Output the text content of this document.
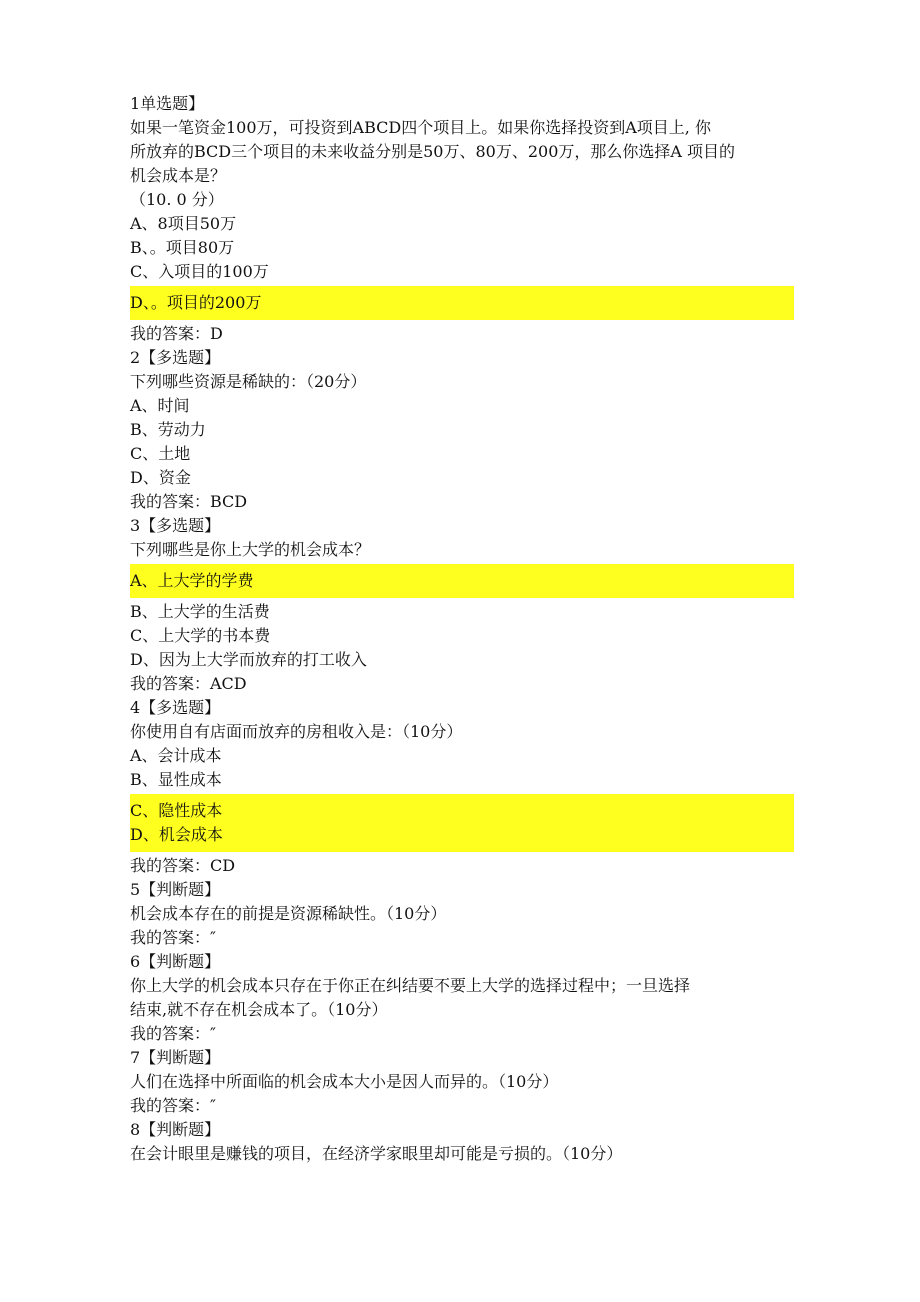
1单选题】
如果一笔资金100万，可投资到ABCD四个项目上。如果你选择投资到A项目上, 你
所放弃的BCD三个项目的未来收益分别是50万、80万、200万，那么你选择A 项目的
机会成本是？
（10. 0 分）
A、8项目50万
B、。项目80万
C、入项目的100万
D、。项目的200万
我的答案：D
2【多选题】
下列哪些资源是稀缺的：（20分）
A、时间
B、劳动力
C、土地
D、资金
我的答案：BCD
3【多选题】
下列哪些是你上大学的机会成本？
A、上大学的学费
B、上大学的生活费
C、上大学的书本费
D、因为上大学而放弃的打工收入
我的答案：ACD
4【多选题】
你使用自有店面而放弃的房租收入是：（10分）
A、会计成本
B、显性成本
C、隐性成本
D、机会成本
我的答案：CD
5【判断题】
机会成本存在的前提是资源稀缺性。（10分）
我的答案：″
6【判断题】
你上大学的机会成本只存在于你正在纠结要不要上大学的选择过程中；一旦选择
结束,就不存在机会成本了。（10分）
我的答案：″
7【判断题】
人们在选择中所面临的机会成本大小是因人而异的。（10分）
我的答案：″
8【判断题】
在会计眼里是赚钱的项目，在经济学家眼里却可能是亏损的。（10分）
